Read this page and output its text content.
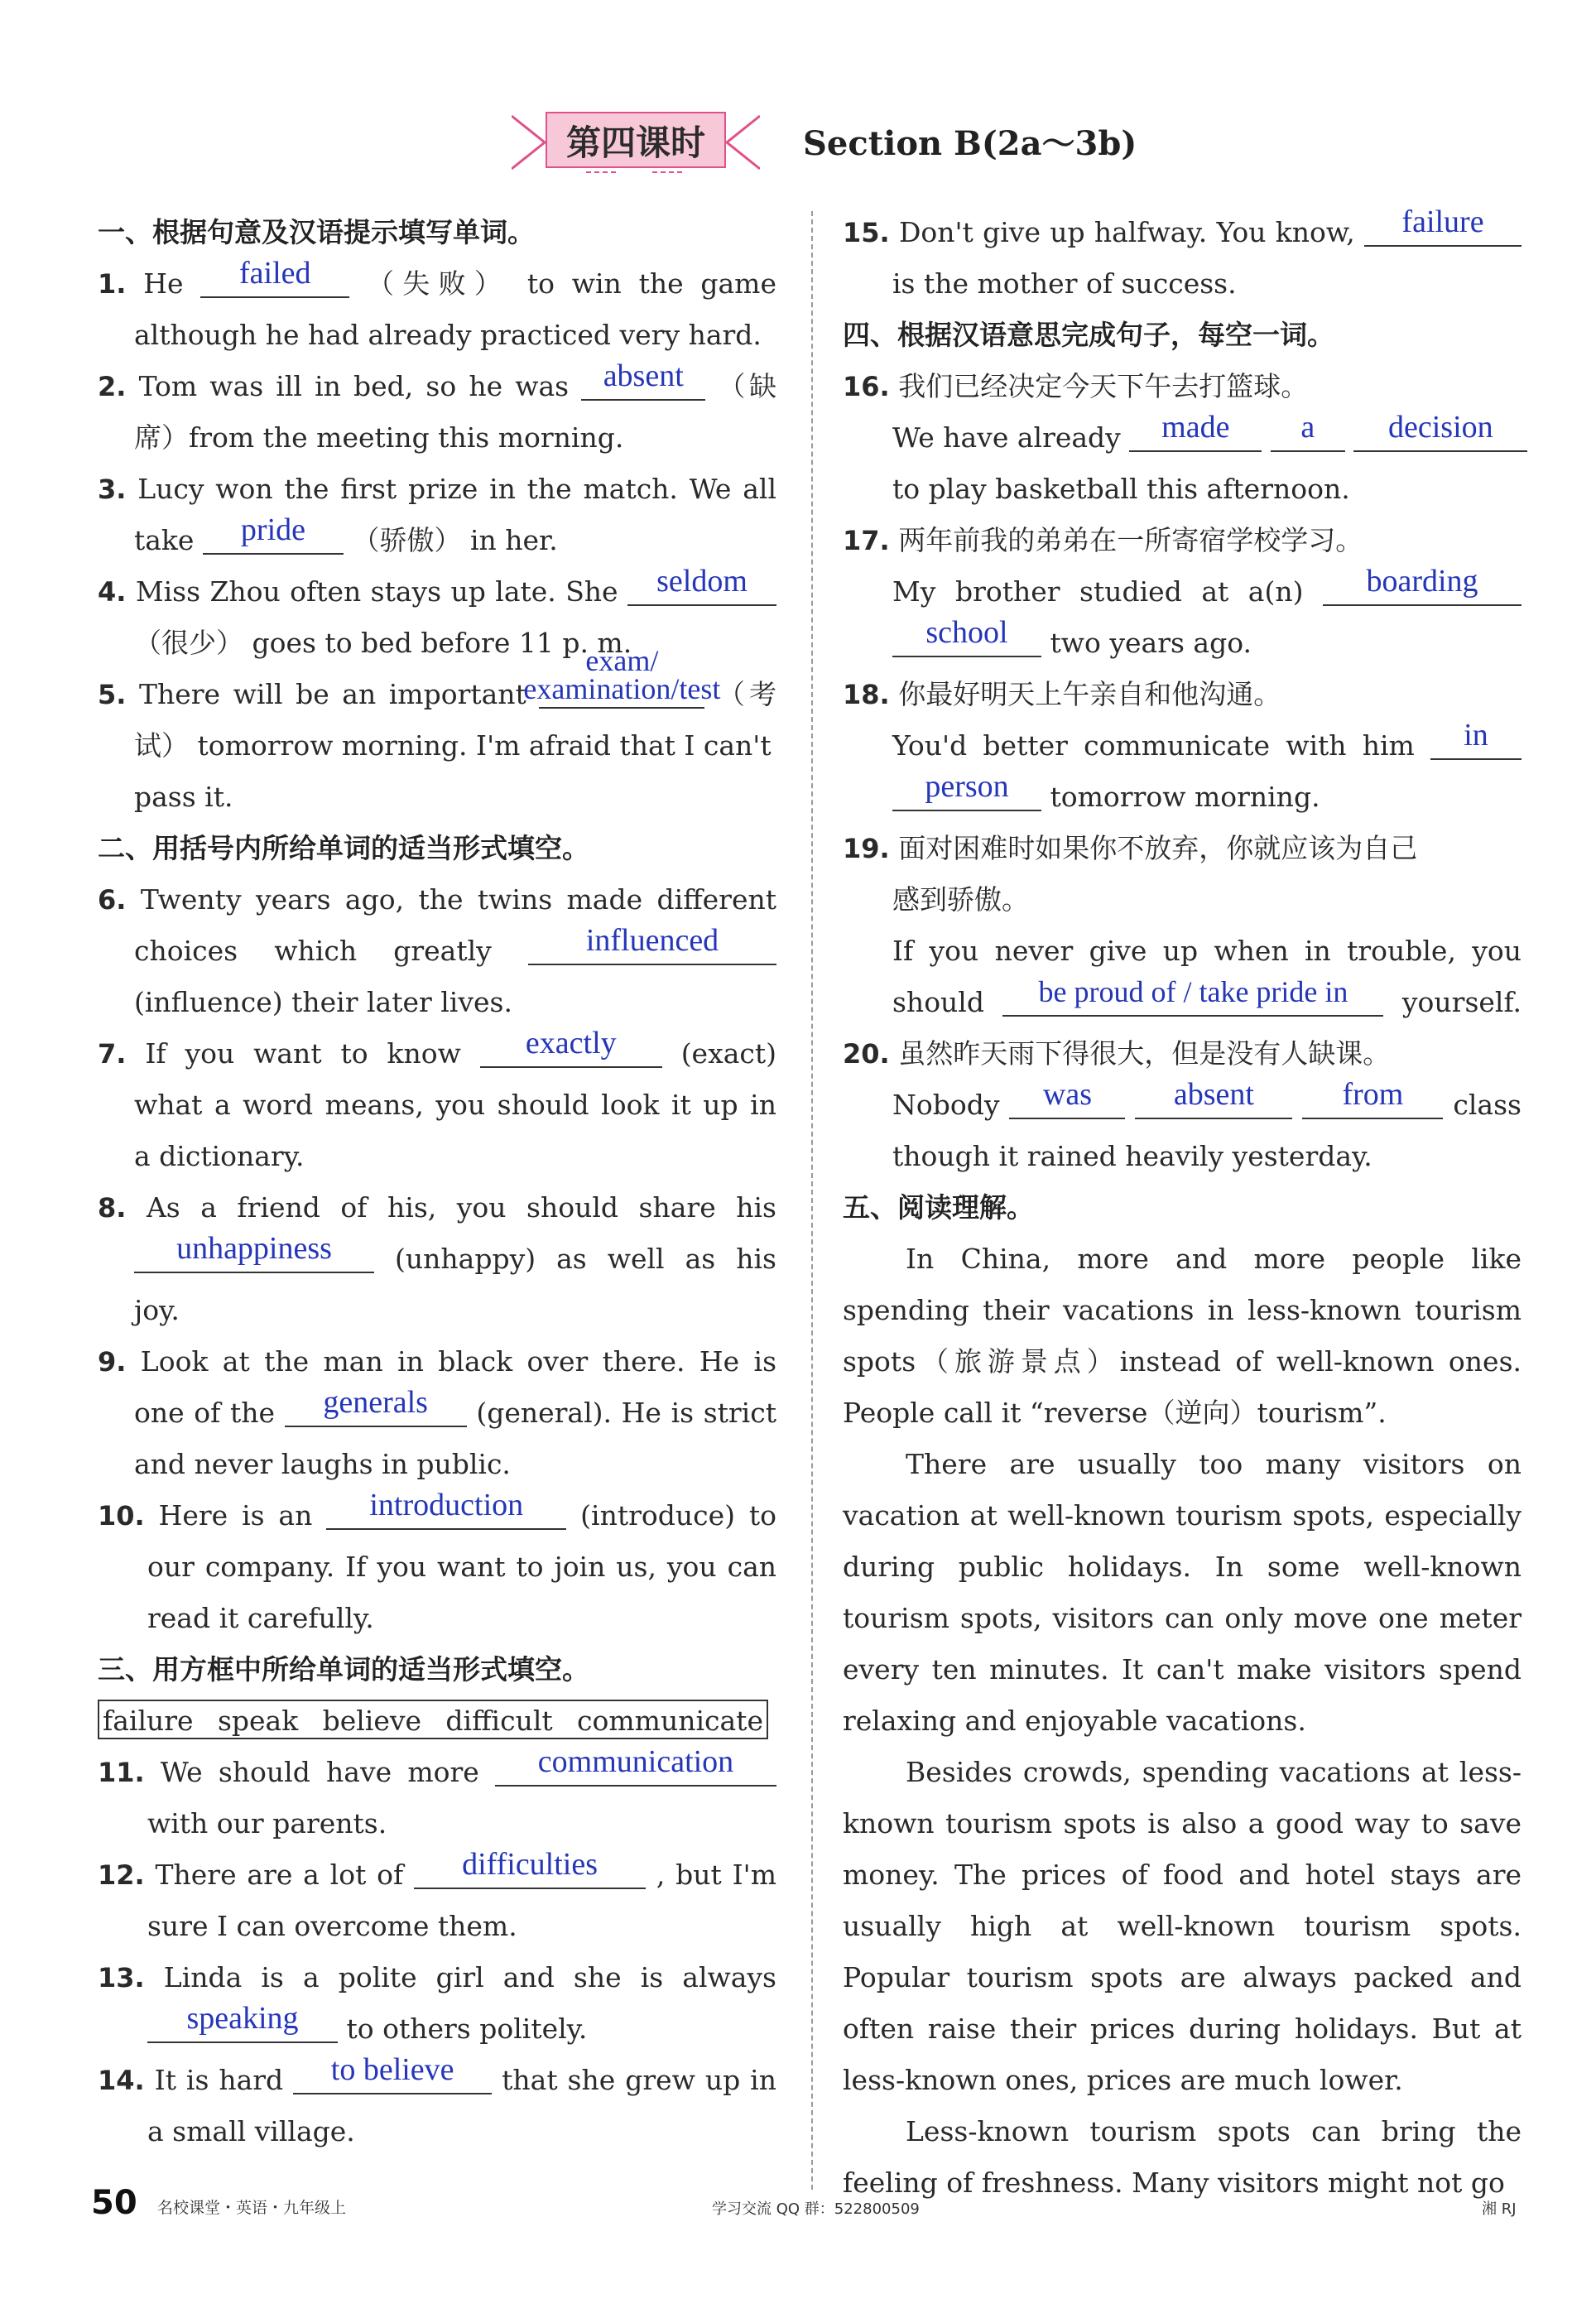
第四课时	Section B(2a～3b)
一、根据句意及汉语提示填写单词。
1. He	failed	（失败） to win the game
although he had already practiced very hard.
2. Tom was ill in bed, so he was	absent	（缺
席）from the meeting this morning.
3. Lucy won the first prize in the match. We all
take	pride	（骄傲） in her.
4. Miss Zhou often stays up late. She	seldom
（很少） goes to bed before 11 p. m.
5. There will be an important
exam/
examination/test
（考
试） tomorrow morning. I'm afraid that I can't
pass it.
二、用括号内所给单词的适当形式填空。
6. Twenty years ago, the twins made different
choices which greatly	influenced
(influence) their later lives.
7. If you want to know	exactly	(exact)
what a word means, you should look it up in
a dictionary.
8. As a friend of his, you should share his
unhappiness	(unhappy) as well as his
joy.
9. Look at the man in black over there. He is
one of the	generals	(general). He is strict
and never laughs in public.
10. Here is an	introduction	(introduce) to
our company. If you want to join us, you can
read it carefully.
三、用方框中所给单词的适当形式填空。
failure speak believe difficult communicate
11. We should have more	communication
with our parents.
12. There are a lot of	difficulties	, but I'm
sure I can overcome them.
13. Linda is a polite girl and she is always
speaking	to others politely.
14. It is hard	to believe	that she grew up in
a small village.
15. Don't give up halfway. You know,	failure
is the mother of success.
四、根据汉语意思完成句子，每空一词。
16. 我们已经决定今天下午去打篮球。
We have already	made
	a
	decision
to play basketball this afternoon.
17. 两年前我的弟弟在一所寄宿学校学习。
My brother studied at a(n)	boarding
school	two years ago.
18. 你最好明天上午亲自和他沟通。
You'd better communicate with him	in
person	tomorrow morning.
19. 面对困难时如果你不放弃，你就应该为自己
感到骄傲。
If you never give up when in trouble, you
should	be proud of / take pride in	yourself.
20. 虽然昨天雨下得很大，但是没有人缺课。
Nobody	was
	absent
	from	class
though it rained heavily yesterday.
五、阅读理解。

In China, more and more people like spending their vacations in less-known tourism spots（旅游景点）instead of well-known ones. People call it “reverse（逆向）tourism”.

There are usually too many visitors on vacation at well-known tourism spots, especially during public holidays. In some well-known tourism spots, visitors can only move one meter every ten minutes. It can't make visitors spend relaxing and enjoyable vacations.

Besides crowds, spending vacations at less-known tourism spots is also a good way to save money. The prices of food and hotel stays are usually high at well-known tourism spots. Popular tourism spots are always packed and often raise their prices during holidays. But at less-known ones, prices are much lower.

Less-known tourism spots can bring the feeling of freshness. Many visitors might not go

50 名校课堂・英语・九年级上	学习交流 QQ 群：522800509	湘 RJ
